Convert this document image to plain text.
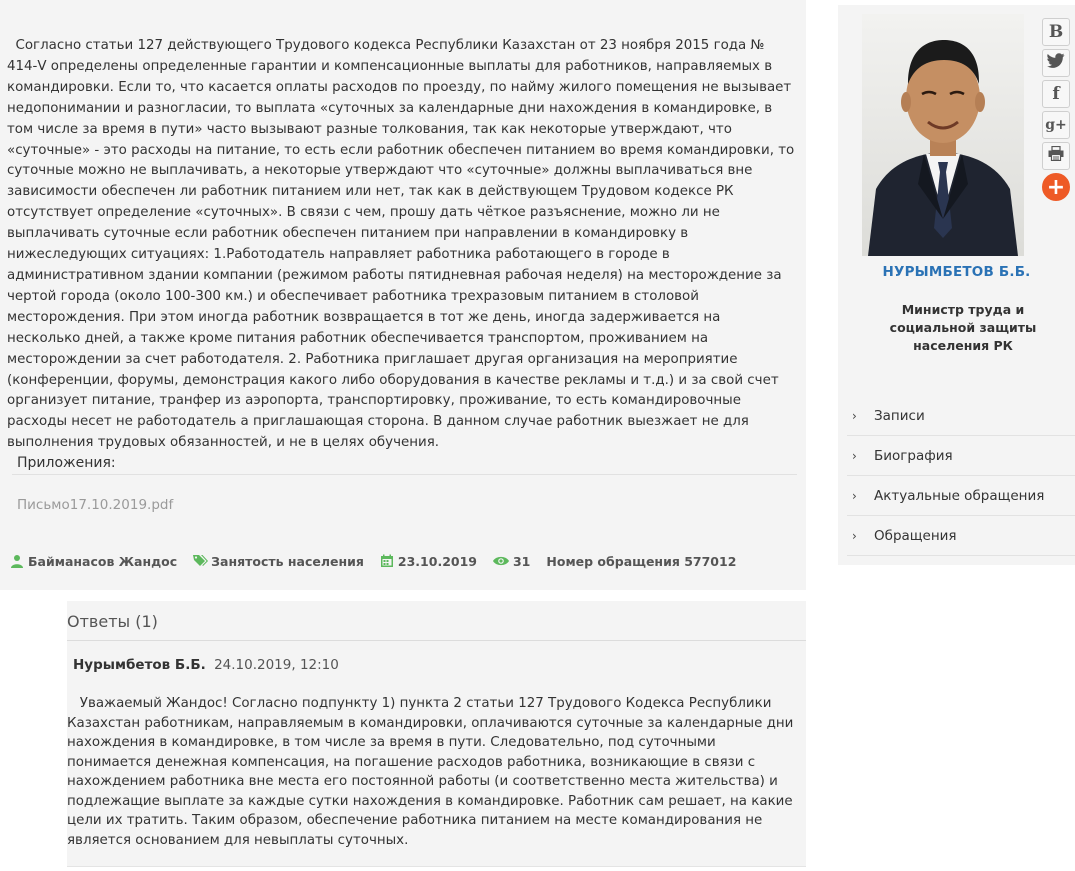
Согласно статьи 127 действующего Трудового кодекса Республики Казахстан от 23 ноября 2015 года № 414-V определены определенные гарантии и компенсационные выплаты для работников, направляемых в командировки. Если то, что касается оплаты расходов по проезду, по найму жилого помещения не вызывает недопонимании и разногласии, то выплата «суточных за календарные дни нахождения в командировке, в том числе за время в пути» часто вызывают разные толкования, так как некоторые утверждают, что «суточные» - это расходы на питание, то есть если работник обеспечен питанием во время командировки, то суточные можно не выплачивать, а некоторые утверждают что «суточные» должны выплачиваться вне зависимости обеспечен ли работник питанием или нет, так как в действующем Трудовом кодексе РК отсутствует определение «суточных». В связи с чем, прошу дать чёткое разъяснение, можно ли не выплачивать суточные если работник обеспечен питанием при направлении в командировку в нижеследующих ситуациях: 1.Работодатель направляет работника работающего в городе в административном здании компании (режимом работы пятидневная рабочая неделя) на месторождение за чертой города (около 100-300 км.) и обеспечивает работника трехразовым питанием в столовой месторождения. При этом иногда работник возвращается в тот же день, иногда задерживается на несколько дней, а также кроме питания работник обеспечивается транспортом, проживанием на месторождении за счет работодателя. 2. Работника приглашает другая организация на мероприятие (конференции, форумы, демонстрация какого либо оборудования в качестве рекламы и т.д.) и за свой счет организует питание, транфер из аэропорта, транспортировку, проживание, то есть командировочные расходы несет не работодатель а приглашающая сторона. В данном случае работник выезжает не для выполнения трудовых обязанностей, и не в целях обучения.

Приложения:
Письмо17.10.2019.pdf
Байманасов Жандос	Занятость населения	23.10.2019	31 Номер обращения 577012
НУРЫМБЕТОВ Б.Б.
Министр труда и социальной защиты населения РК
›	Записи
›	Биография
›	Актуальные обращения
›	Обращения
В
f
g+
+
Ответы (1)
Нурымбетов Б.Б. 24.10.2019, 12:10

Уважаемый Жандос! Согласно подпункту 1) пункта 2 статьи 127 Трудового Кодекса Республики Казахстан работникам, направляемым в командировки, оплачиваются суточные за календарные дни нахождения в командировке, в том числе за время в пути. Следовательно, под суточными понимается денежная компенсация, на погашение расходов работника, возникающие в связи с нахождением работника вне места его постоянной работы (и соответственно места жительства) и подлежащие выплате за каждые сутки нахождения в командировке. Работник сам решает, на какие цели их тратить. Таким образом, обеспечение работника питанием на месте командирования не является основанием для невыплаты суточных.
